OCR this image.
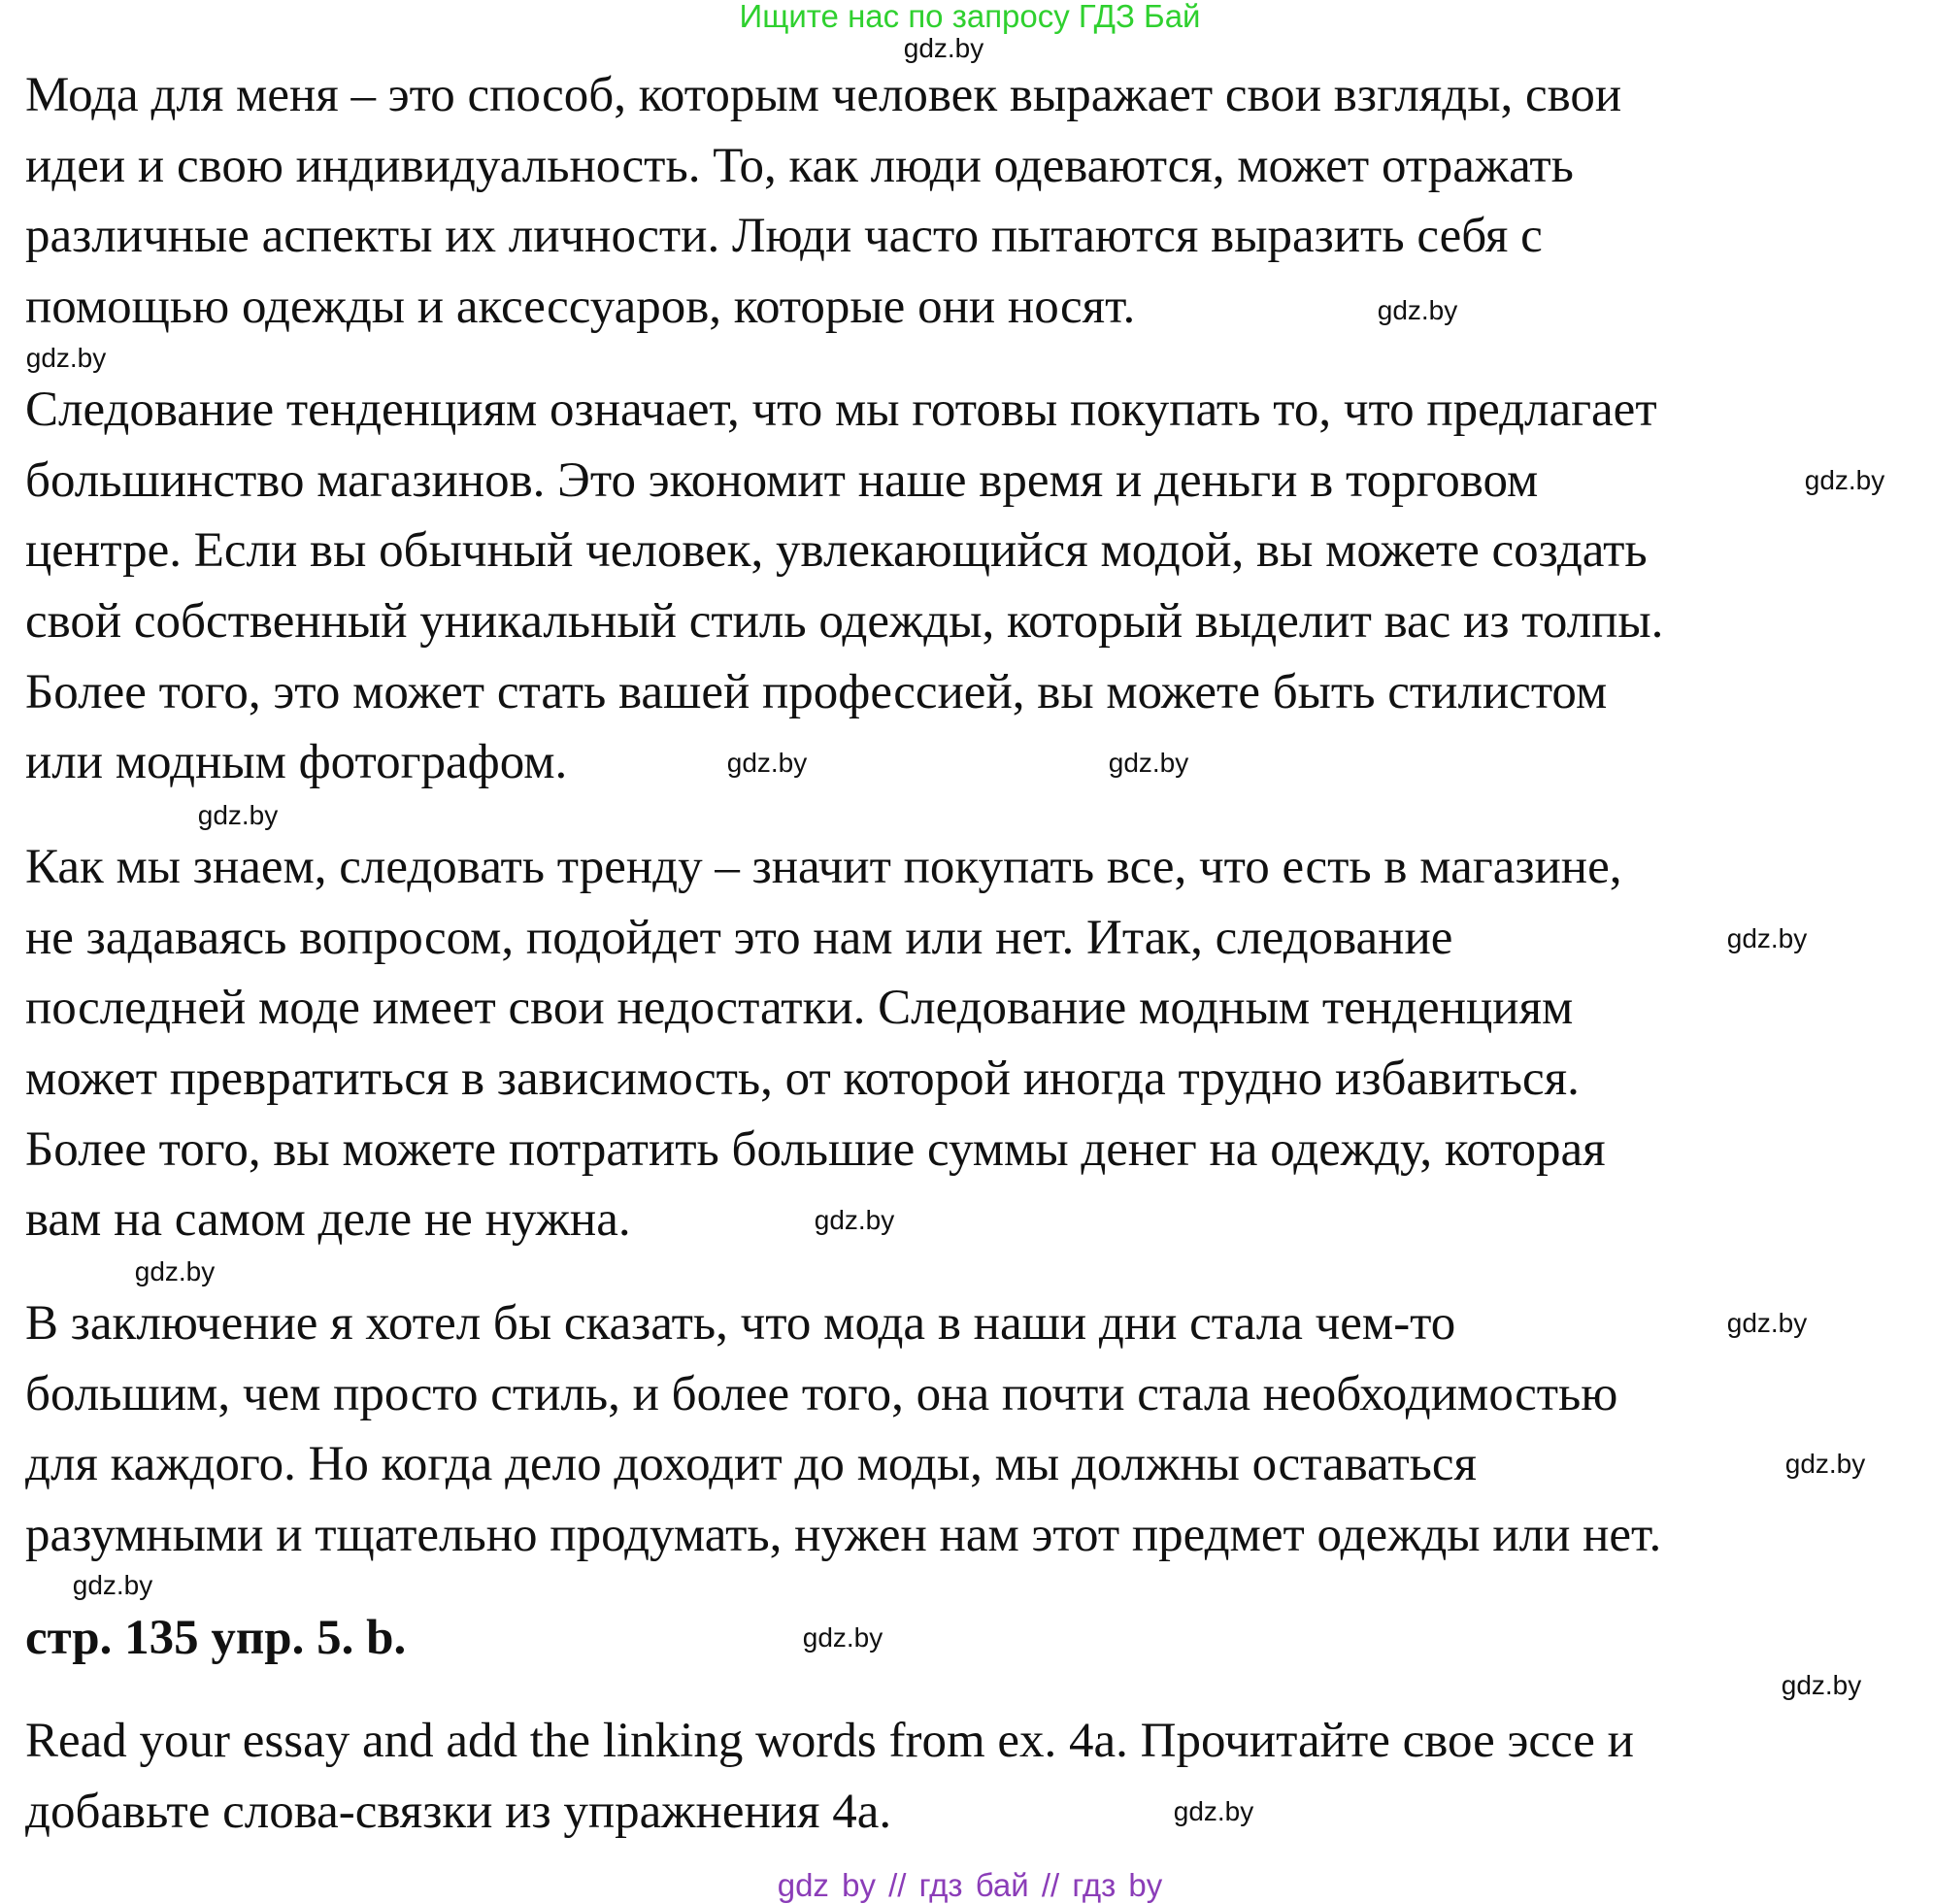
Ищите нас по запросу ГДЗ Бай
Мода для меня – это способ, которым человек выражает свои взгляды, свои
идеи и свою индивидуальность. То, как люди одеваются, может отражать
различные аспекты их личности. Люди часто пытаются выразить себя с
помощью одежды и аксессуаров, которые они носят.
Следование тенденциям означает, что мы готовы покупать то, что предлагает
большинство магазинов. Это экономит наше время и деньги в торговом
центре. Если вы обычный человек, увлекающийся модой, вы можете создать
свой собственный уникальный стиль одежды, который выделит вас из толпы.
Более того, это может стать вашей профессией, вы можете быть стилистом
или модным фотографом.
Как мы знаем, следовать тренду – значит покупать все, что есть в магазине,
не задаваясь вопросом, подойдет это нам или нет. Итак, следование
последней моде имеет свои недостатки. Следование модным тенденциям
может превратиться в зависимость, от которой иногда трудно избавиться.
Более того, вы можете потратить большие суммы денег на одежду, которая
вам на самом деле не нужна.
В заключение я хотел бы сказать, что мода в наши дни стала чем-то
большим, чем просто стиль, и более того, она почти стала необходимостью
для каждого. Но когда дело доходит до моды, мы должны оставаться
разумными и тщательно продумать, нужен нам этот предмет одежды или нет.
стр. 135 упр. 5. b.
Read your essay and add the linking words from ex. 4a. Прочитайте свое эссе и
добавьте слова-связки из упражнения 4а.
gdz.by
gdz.by
gdz.by
gdz.by
gdz.by
gdz.by
gdz.by
gdz.by
gdz.by
gdz.by
gdz.by
gdz.by
gdz.by
gdz.by
gdz.by
gdz.by
gdz by // гдз бай // гдз by
